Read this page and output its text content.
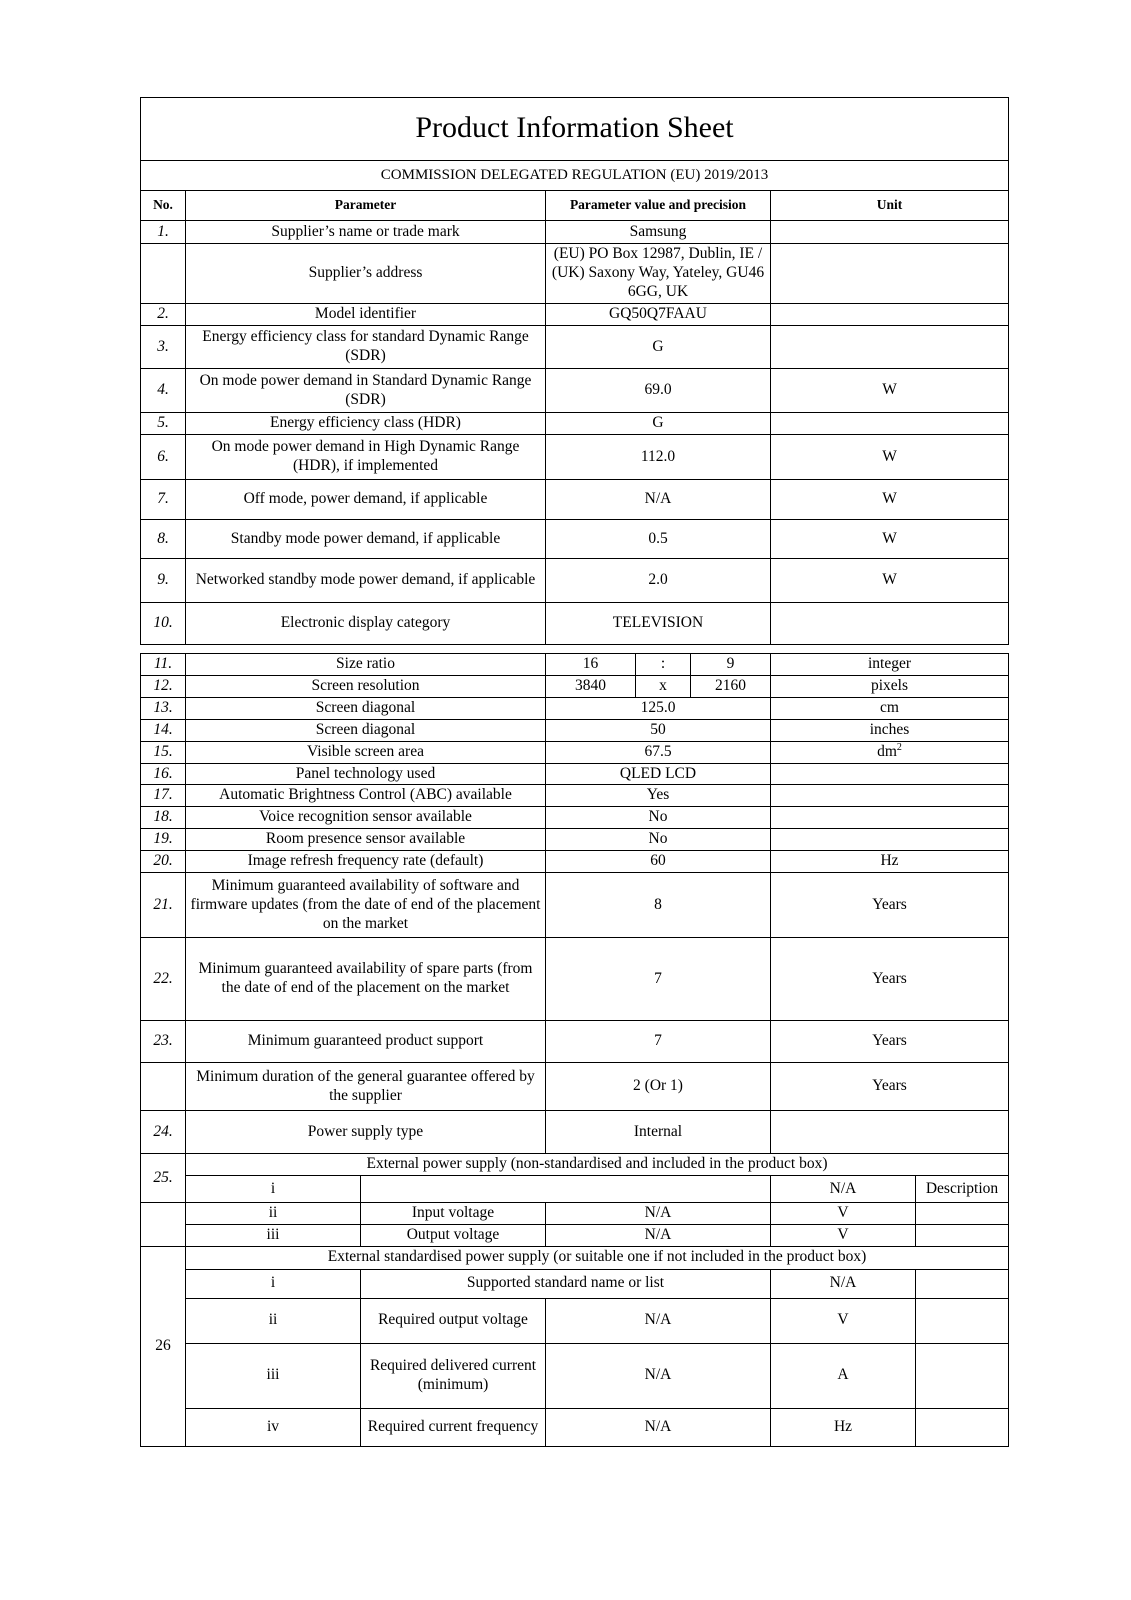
Product Information Sheet			
COMMISSION DELEGATED REGULATION (EU) 2019/2013			
No.	Parameter	Parameter value and precision	Unit
1.	Supplier’s name or trade mark	Samsung	
	Supplier’s address	(EU) PO Box 12987, Dublin, IE / (UK) Saxony Way, Yateley, GU46 6GG, UK	
2.	Model identifier	GQ50Q7FAAU	
3.	Energy efficiency class for standard Dynamic Range (SDR)	G	
4.	On mode power demand in Standard Dynamic Range (SDR)	69.0	W
5.	Energy efficiency class (HDR)	G	
6.	On mode power demand in High Dynamic Range (HDR), if implemented	112.0	W
7.	Off mode, power demand, if applicable	N/A	W
8.	Standby mode power demand, if applicable	0.5	W
9.	Networked standby mode power demand, if applicable	2.0	W
10.	Electronic display category	TELEVISION	
11.	Size ratio		16	:	9	integer	
12.	Screen resolution		3840	x	2160	pixels	
13.	Screen diagonal		125.0			cm	
14.	Screen diagonal		50			inches	
15.	Visible screen area		67.5			$dm^2$
16.	Panel technology used		QLED LCD				
17.	Automatic Brightness Control (ABC) available		Yes				
18.	Voice recognition sensor available		No				
19.	Room presence sensor available		No				
20.	Image refresh frequency rate (default)		60			Hz	
21.	Minimum guaranteed availability of software and firmware updates (from the date of end of the placement on the market		8			Years	
22.	Minimum guaranteed availability of spare parts (from the date of end of the placement on the market		7			Years	
23.	Minimum guaranteed product support		7			Years	
	Minimum duration of the general guarantee offered by the supplier		2 (Or 1)			Years	
24.	Power supply type		Internal				
25.	External power supply (non-standardised and included in the product box)						
	i					N/A	Description
	ii	Input voltage	N/A			V	
	iii	Output voltage	N/A			V	
26	External standardised power supply (or suitable one if not included in the product box)						
	i	Supported standard name or list				N/A	
	ii	Required output voltage	N/A			V	
	iii	Required delivered current (minimum)	N/A			A	
	iv	Required current frequency	N/A			Hz	
